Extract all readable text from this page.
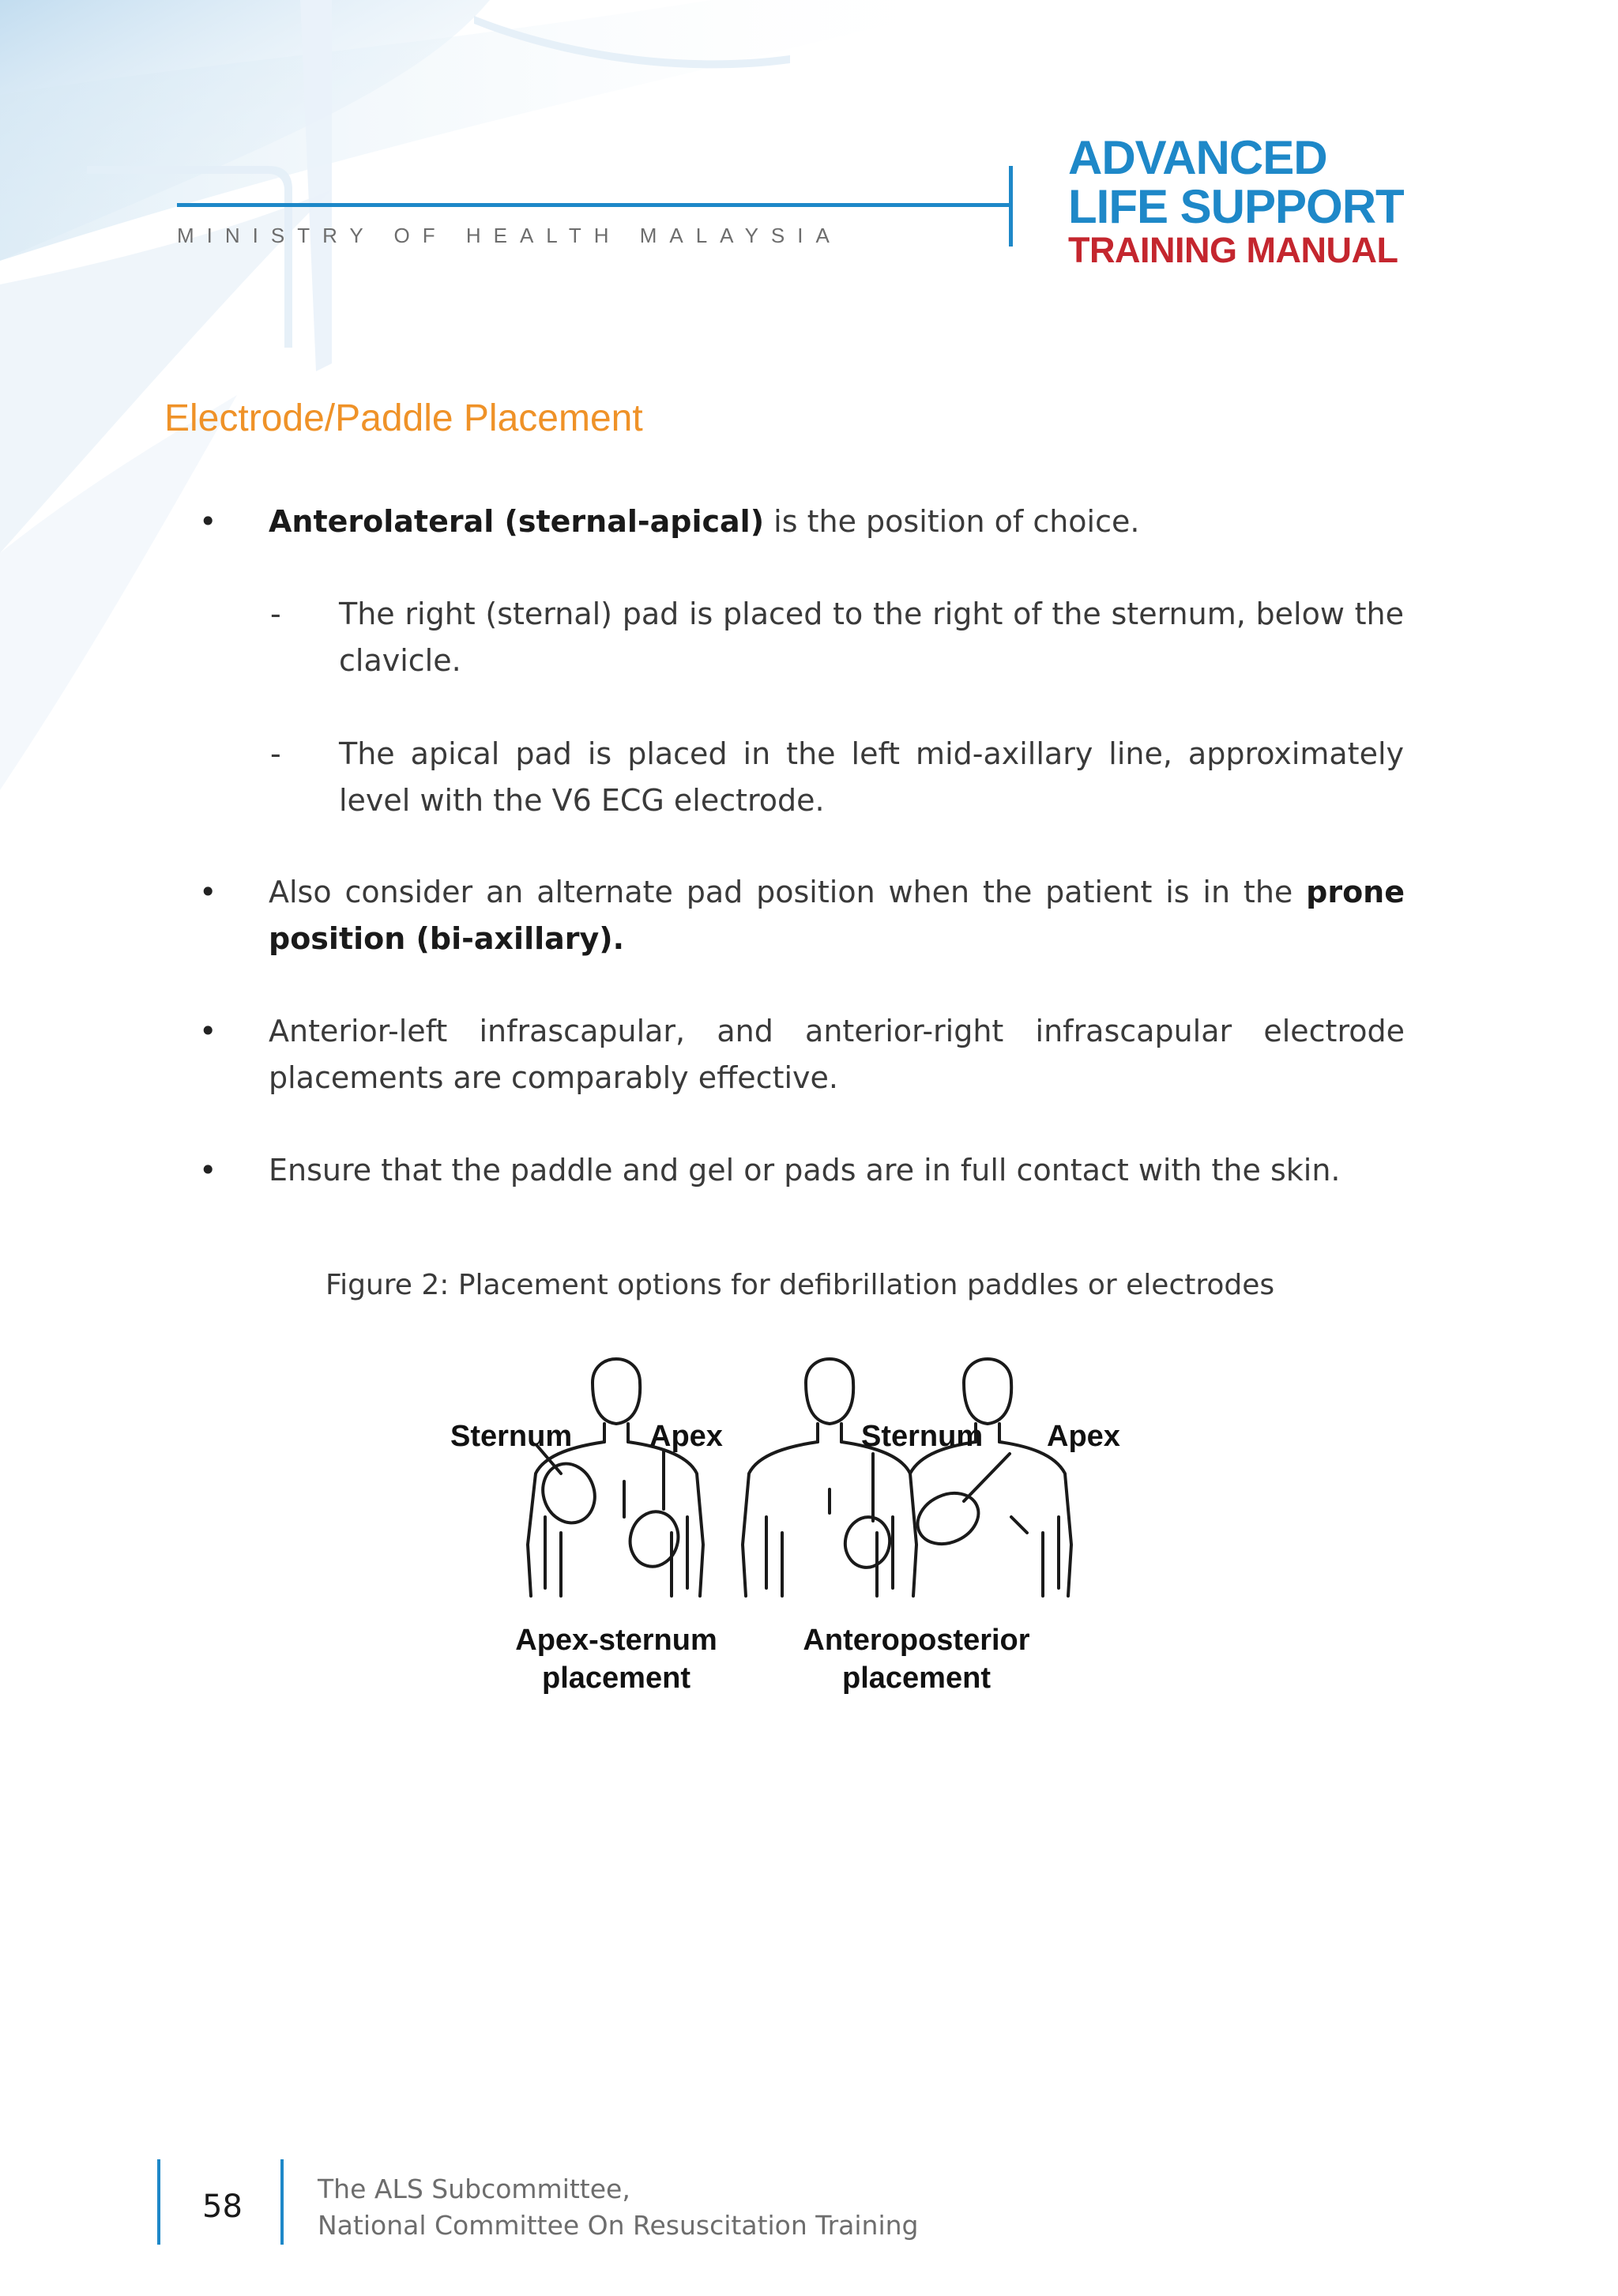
MINISTRY OF HEALTH MALAYSIA
ADVANCED
LIFE SUPPORT
TRAINING MANUAL
Electrode/Paddle Placement
• Anterolateral (sternal-apical) is the position of choice.
- The right (sternal) pad is placed to the right of the sternum, below the clavicle.
- The apical pad is placed in the left mid-axillary line, approximately level with the V6 ECG electrode.
• Also consider an alternate pad position when the patient is in the prone position (bi-axillary).
• Anterior-left infrascapular, and anterior-right infrascapular electrode placements are comparably effective.
• Ensure that the paddle and gel or pads are in full contact with the skin.
Figure 2: Placement options for defibrillation paddles or electrodes
Sternum	Apex	Sternum Apex
Apex-sternum
placement
Anteroposterior
placement
58	The ALS Subcommittee,
National Committee On Resuscitation Training
